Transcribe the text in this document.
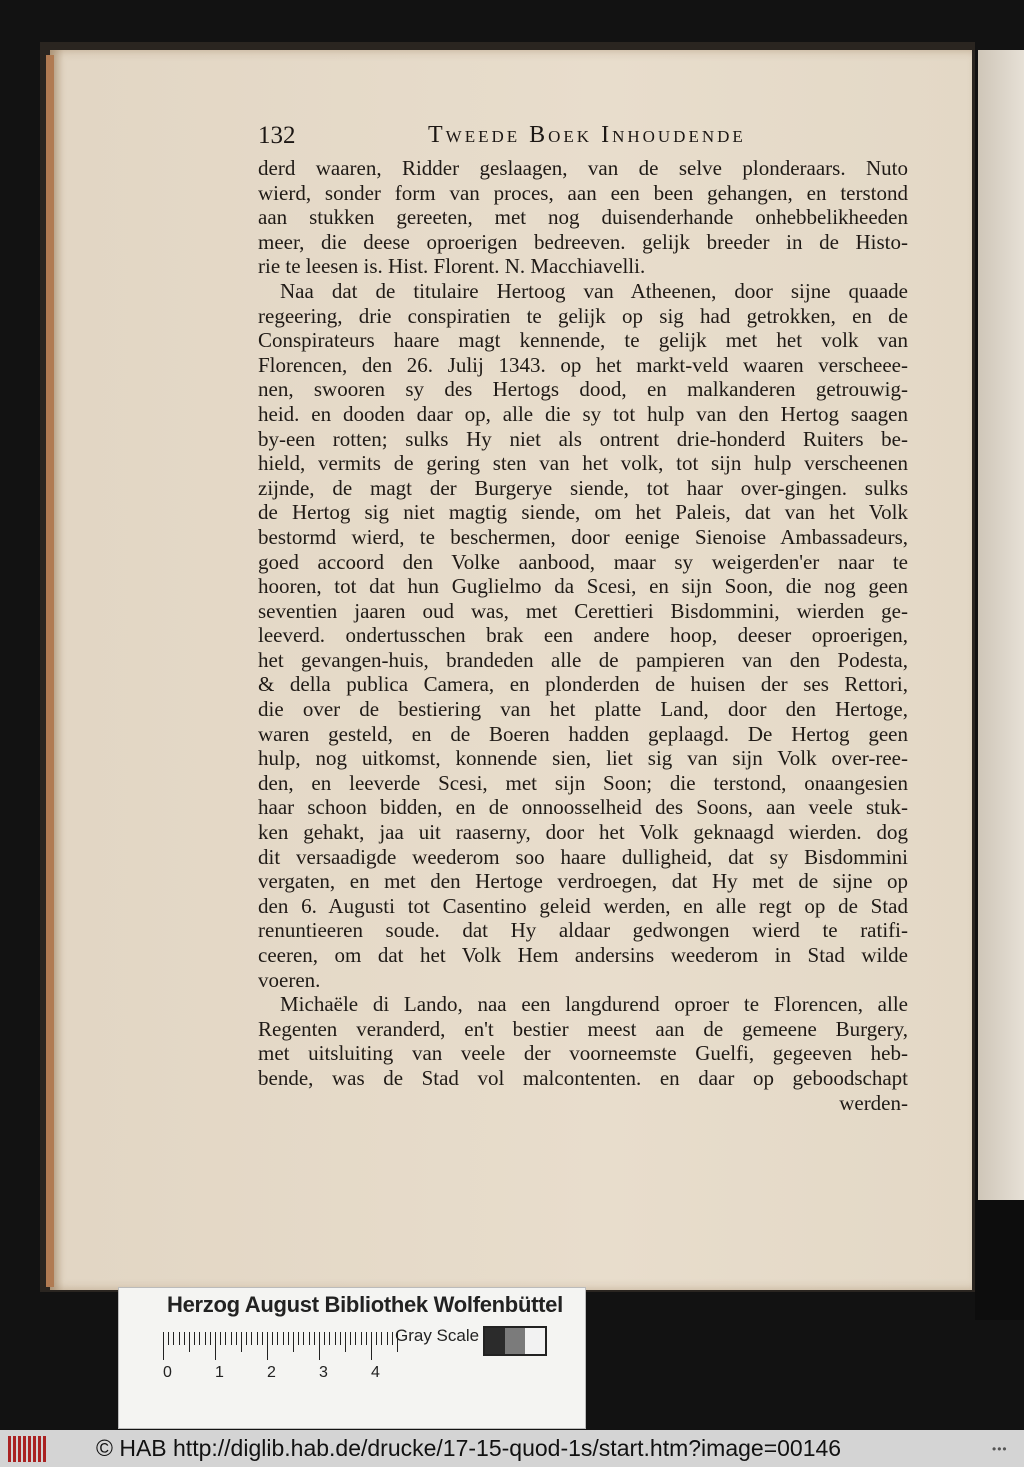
132	Tweede Boek Inhoudende
derd waaren, Ridder geslaagen, van de selve plonderaars. Nuto
wierd, sonder form van proces, aan een been gehangen, en terstond
aan stukken gereeten, met nog duisenderhande onhebbelikheeden
meer, die deese oproerigen bedreeven. gelijk breeder in de Histo-
rie te leesen is. Hist. Florent. N. Macchiavelli.
Naa dat de titulaire Hertoog van Atheenen, door sijne quaade
regeering, drie conspiratien te gelijk op sig had getrokken, en de
Conspirateurs haare magt kennende, te gelijk met het volk van
Florencen, den 26. Julij 1343. op het markt-veld waaren verscheee-
nen, swooren sy des Hertogs dood, en malkanderen getrouwig-
heid. en dooden daar op, alle die sy tot hulp van den Hertog saagen
by-een rotten; sulks Hy niet als ontrent drie-honderd Ruiters be-
hield, vermits de gering sten van het volk, tot sijn hulp verscheenen
zijnde, de magt der Burgerye siende, tot haar over-gingen. sulks
de Hertog sig niet magtig siende, om het Paleis, dat van het Volk
bestormd wierd, te beschermen, door eenige Sienoise Ambassadeurs,
goed accoord den Volke aanbood, maar sy weigerden'er naar te
hooren, tot dat hun Guglielmo da Scesi, en sijn Soon, die nog geen
seventien jaaren oud was, met Cerettieri Bisdommini, wierden ge-
leeverd. ondertusschen brak een andere hoop, deeser oproerigen,
het gevangen-huis, brandeden alle de pampieren van den Podesta,
& della publica Camera, en plonderden de huisen der ses Rettori,
die over de bestiering van het platte Land, door den Hertoge,
waren gesteld, en de Boeren hadden geplaagd. De Hertog geen
hulp, nog uitkomst, konnende sien, liet sig van sijn Volk over-ree-
den, en leeverde Scesi, met sijn Soon; die terstond, onaangesien
haar schoon bidden, en de onnoosselheid des Soons, aan veele stuk-
ken gehakt, jaa uit raaserny, door het Volk geknaagd wierden. dog
dit versaadigde weederom soo haare dulligheid, dat sy Bisdommini
vergaten, en met den Hertoge verdroegen, dat Hy met de sijne op
den 6. Augusti tot Casentino geleid werden, en alle regt op de Stad
renuntieeren soude. dat Hy aldaar gedwongen wierd te ratifi-
ceeren, om dat het Volk Hem andersins weederom in Stad wilde
voeren.
Michaële di Lando, naa een langdurend oproer te Florencen, alle
Regenten veranderd, en't bestier meest aan de gemeene Burgery,
met uitsluiting van veele der voorneemste Guelfi, gegeeven heb-
bende, was de Stad vol malcontenten. en daar op geboodschapt
werden-
Herzog August Bibliothek Wolfenbüttel
0	1	2	3	4
Gray Scale
© HAB http://diglib.hab.de/drucke/17-15-quod-1s/start.htm?image=00146	•••
